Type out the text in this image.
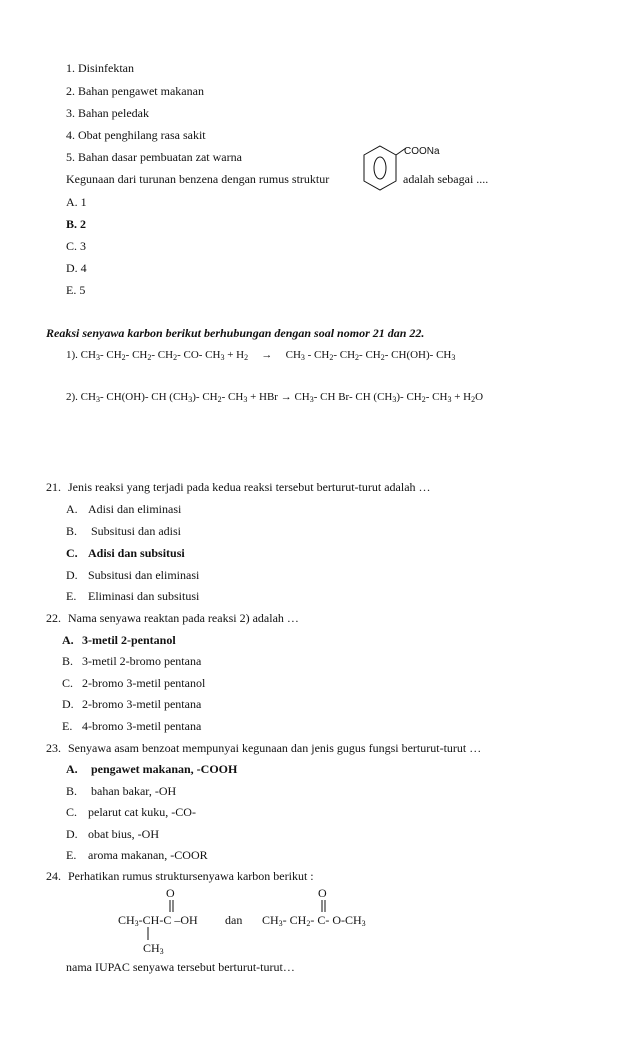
1. Disinfektan
2. Bahan pengawet makanan
3. Bahan peledak
4. Obat penghilang rasa sakit
5. Bahan dasar pembuatan zat warna
Kegunaan dari turunan benzena dengan rumus struktur
COONa
adalah sebagai ....
A. 1
B. 2
C. 3
D. 4
E. 5
Reaksi senyawa karbon berikut berhubungan dengan soal nomor 21 dan 22.
1). $CH_3-$ $CH_2-$ $CH_2-$ $CH_2-$ CO- $CH_3 + H_2 \to CH_3 - CH_2-$ $CH_2-$ $CH_2-$ CH(OH)- $CH_3$
2). $CH_3-$ CH(OH)- CH $(CH_3)-$ $CH_2-$ $CH_3$ + HBr → $CH_3-$ CH Br- CH $(CH_3)-$ $CH_2-$ $CH_3 + H_2O$
21. Jenis reaksi yang terjadi pada kedua reaksi tersebut berturut-turut adalah …
A. Adisi dan eliminasi
B. Subsitusi dan adisi
C. Adisi dan subsitusi
D. Subsitusi dan eliminasi
E. Eliminasi dan subsitusi
22. Nama senyawa reaktan pada reaksi 2) adalah …
A. 3-metil 2-pentanol
B. 3-metil 2-bromo pentana
C. 2-bromo 3-metil pentanol
D. 2-bromo 3-metil pentana
E. 4-bromo 3-metil pentana
23. Senyawa asam benzoat mempunyai kegunaan dan jenis gugus fungsi berturut-turut …
A. pengawet makanan, -COOH
B. bahan bakar, -OH
C. pelarut cat kuku, -CO-
D. obat bius, -OH
E. aroma makanan, -COOR
24. Perhatikan rumus struktursenyawa karbon berikut :
O
$CH_3-CH-C$ –OH
$CH_3$
dan
O
$CH_3-$ $CH_2-$ C- $O-CH_3$
nama IUPAC senyawa tersebut berturut-turut…
